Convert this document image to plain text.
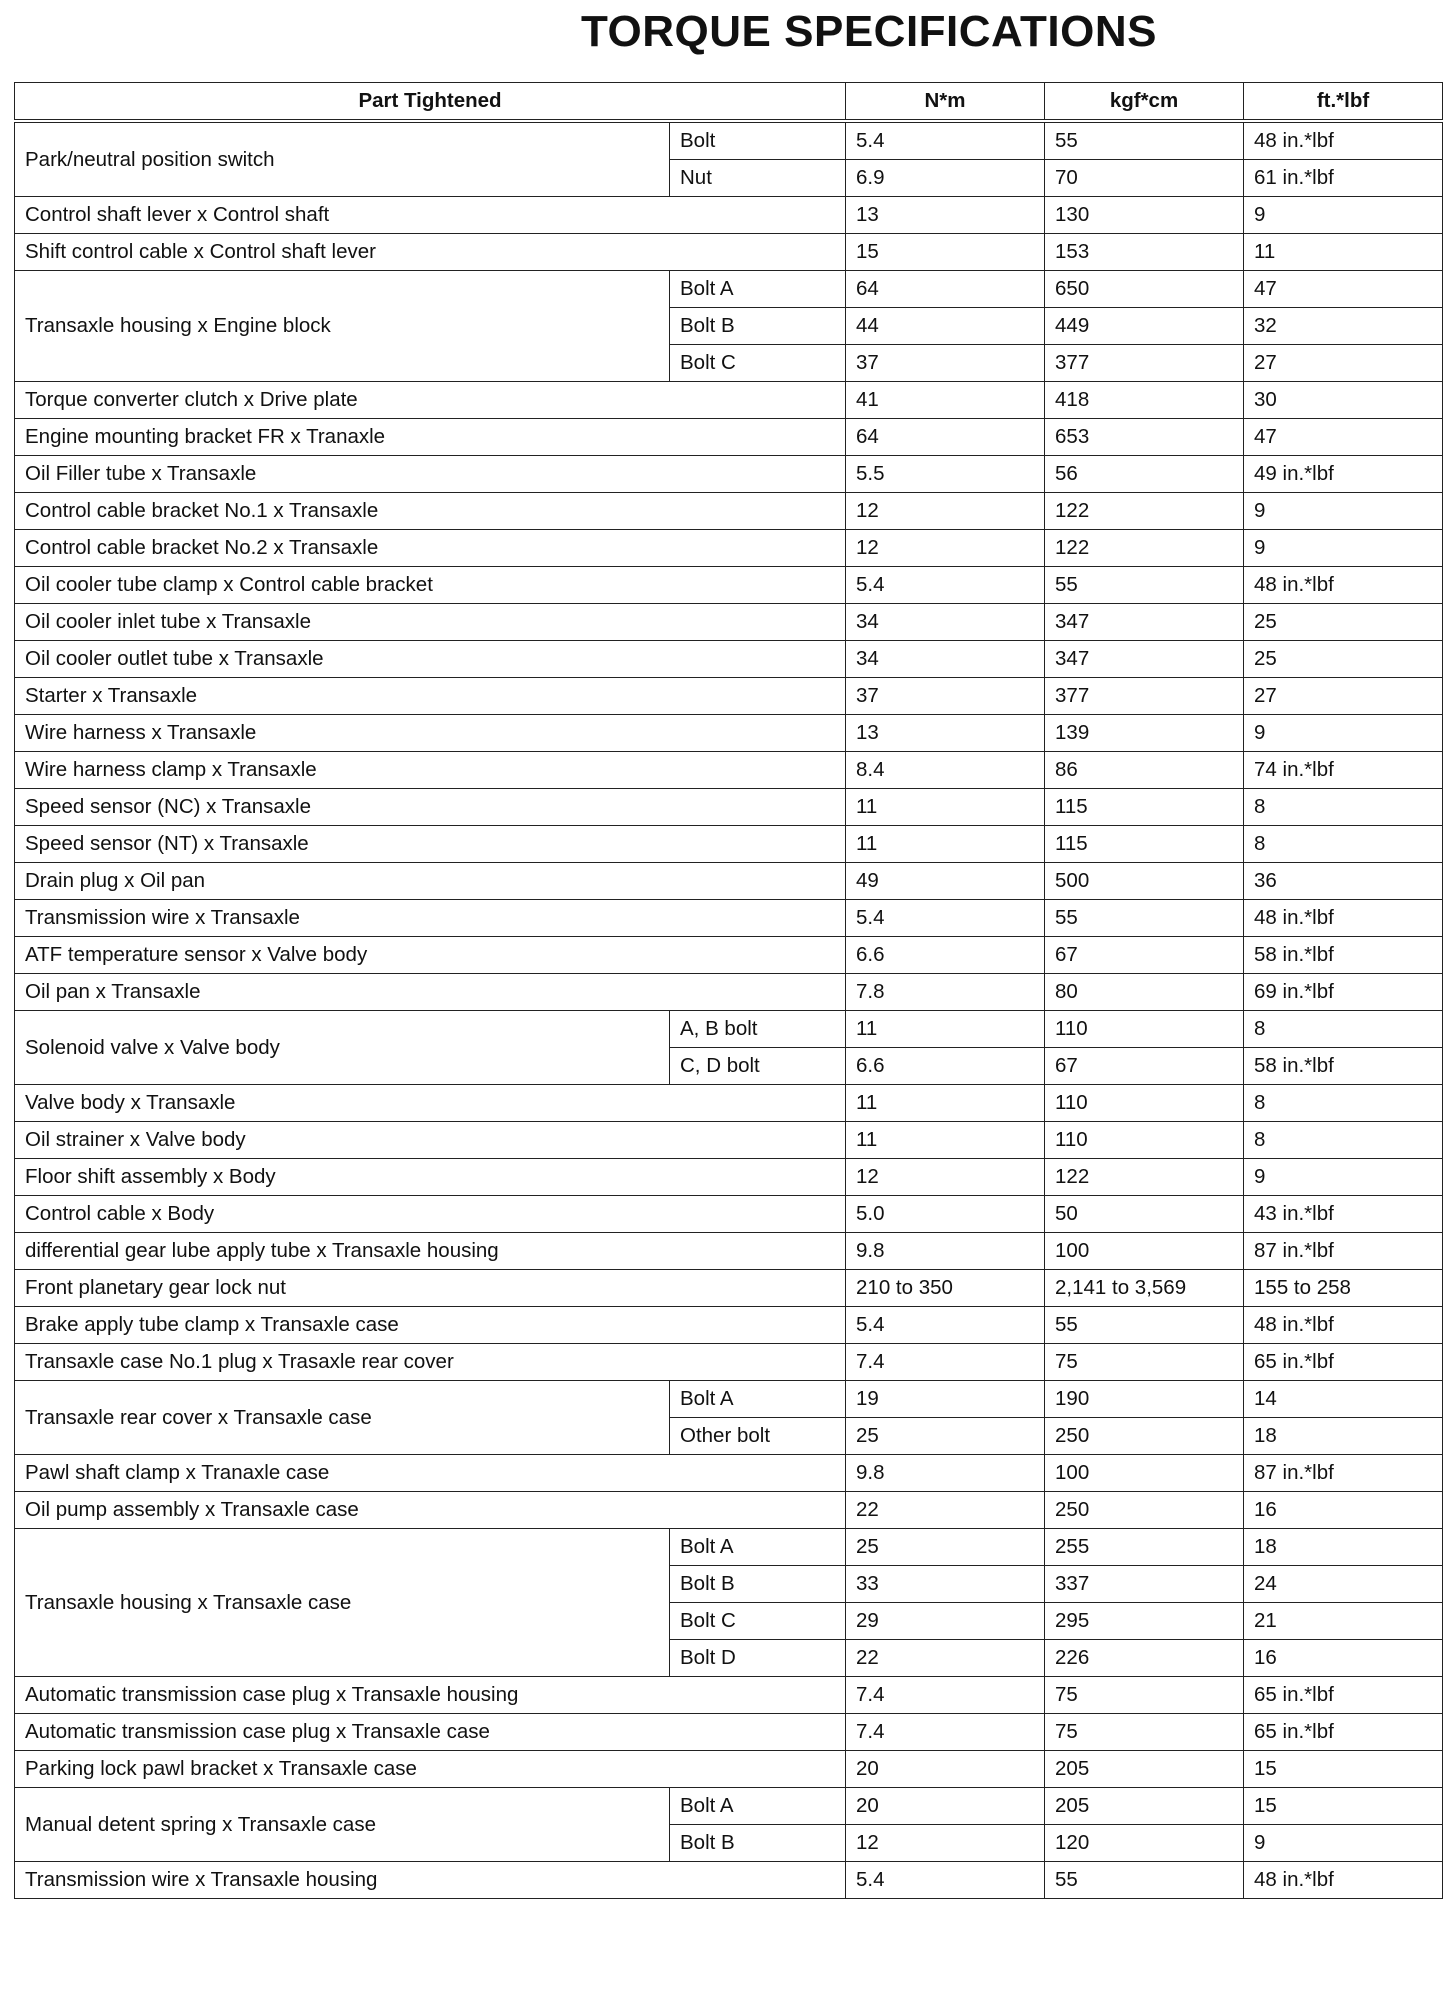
TORQUE SPECIFICATIONS
Part Tightened		N*m	kgf*cm	ft.*lbf
Park/neutral position switch	Bolt	5.4	55	48 in.*lbf
	Nut	6.9	70	61 in.*lbf
Control shaft lever x Control shaft		13	130	9
Shift control cable x Control shaft lever		15	153	11
Transaxle housing x Engine block	Bolt A	64	650	47
	Bolt B	44	449	32
	Bolt C	37	377	27
Torque converter clutch x Drive plate		41	418	30
Engine mounting bracket FR x Tranaxle		64	653	47
Oil Filler tube x Transaxle		5.5	56	49 in.*lbf
Control cable bracket No.1 x Transaxle		12	122	9
Control cable bracket No.2 x Transaxle		12	122	9
Oil cooler tube clamp x Control cable bracket		5.4	55	48 in.*lbf
Oil cooler inlet tube x Transaxle		34	347	25
Oil cooler outlet tube x Transaxle		34	347	25
Starter x Transaxle		37	377	27
Wire harness x Transaxle		13	139	9
Wire harness clamp x Transaxle		8.4	86	74 in.*lbf
Speed sensor (NC) x Transaxle		11	115	8
Speed sensor (NT) x Transaxle		11	115	8
Drain plug x Oil pan		49	500	36
Transmission wire x Transaxle		5.4	55	48 in.*lbf
ATF temperature sensor x Valve body		6.6	67	58 in.*lbf
Oil pan x Transaxle		7.8	80	69 in.*lbf
Solenoid valve x Valve body	A, B bolt	11	110	8
	C, D bolt	6.6	67	58 in.*lbf
Valve body x Transaxle		11	110	8
Oil strainer x Valve body		11	110	8
Floor shift assembly x Body		12	122	9
Control cable x Body		5.0	50	43 in.*lbf
differential gear lube apply tube x Transaxle housing		9.8	100	87 in.*lbf
Front planetary gear lock nut		210 to 350	2,141 to 3,569	155 to 258
Brake apply tube clamp x Transaxle case		5.4	55	48 in.*lbf
Transaxle case No.1 plug x Trasaxle rear cover		7.4	75	65 in.*lbf
Transaxle rear cover x Transaxle case	Bolt A	19	190	14
	Other bolt	25	250	18
Pawl shaft clamp x Tranaxle case		9.8	100	87 in.*lbf
Oil pump assembly x Transaxle case		22	250	16
Transaxle housing x Transaxle case	Bolt A	25	255	18
	Bolt B	33	337	24
	Bolt C	29	295	21
	Bolt D	22	226	16
Automatic transmission case plug x Transaxle housing		7.4	75	65 in.*lbf
Automatic transmission case plug x Transaxle case		7.4	75	65 in.*lbf
Parking lock pawl bracket x Transaxle case		20	205	15
Manual detent spring x Transaxle case	Bolt A	20	205	15
	Bolt B	12	120	9
Transmission wire x Transaxle housing		5.4	55	48 in.*lbf
